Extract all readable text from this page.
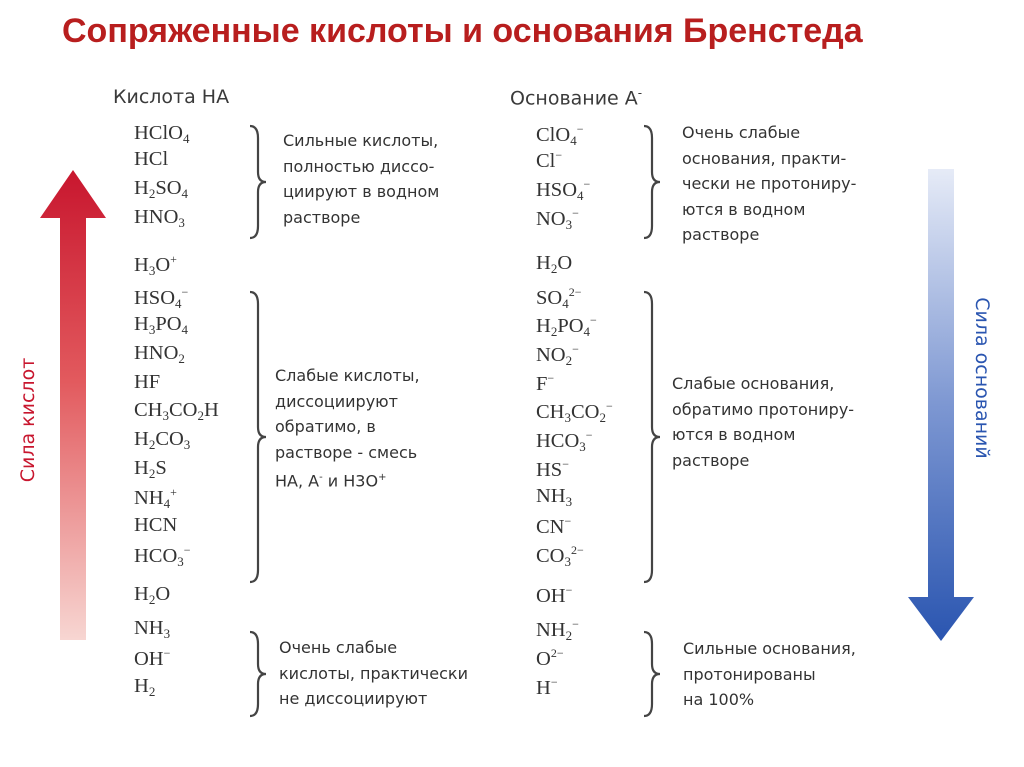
Сопряженные кислоты и основания Бренстеда
Кислота HA	Основание A-
Сила кислот	Сила оснований
HClO$_4$
HCl
$H_2SO_4$
$HNO_3$
$H_3O^+$
$HSO_4^-$
$H_3PO_4$
$HNO_2$
HF
$CH_3CO_2H$
$H_2CO_3$
$H_2S$
$NH_4^+$
HCN
$HCO_3^-$
$H_2O$
$NH_3$
OH−
$H_2$
ClO$_4$−
Cl−
$HSO_4^-$
$NO_3^-$
$H_2O$
$SO_4^{2-}$
$H_2PO_4^-$
$NO_2^-$
F−
$CH_3CO_2^-$
$HCO_3^-$
HS−
$NH_3$
CN−
$CO_3^{2-}$
OH−
$NH_2^-$
$O^{2-}$
H−

Сильные кислоты,
полностью диссо-
циируют в водном
растворе

Слабые кислоты,
диссоциируют
обратимо, в
растворе - смесь
HA, A- и H3O+

Очень слабые
кислоты, практически
не диссоциируют

Очень слабые
основания, практи-
чески не протониру-
ются в водном
растворе

Слабые основания,
обратимо протониру-
ются в водном
растворе

Сильные основания,
протонированы
на 100%
